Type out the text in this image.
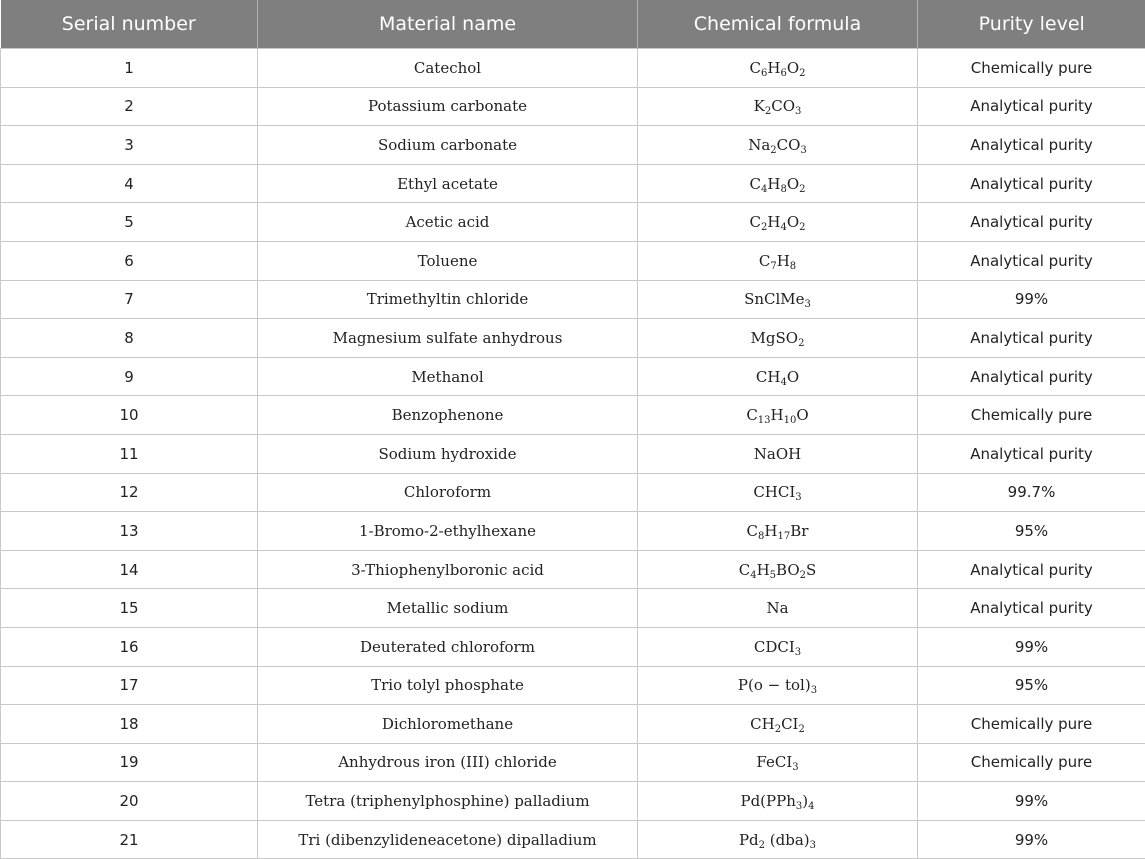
Serial number	Material name	Chemical formula	Purity level
1	Catechol	$C_6H_6O_2$	Chemically pure
2	Potassium carbonate	$K_2CO_3$	Analytical purity
3	Sodium carbonate	$Na_2CO_3$	Analytical purity
4	Ethyl acetate	$C_4H_8O_2$	Analytical purity
5	Acetic acid	$C_2H_4O_2$	Analytical purity
6	Toluene	$C_7H_8$	Analytical purity
7	Trimethyltin chloride	SnClMe$_3$	99%
8	Magnesium sulfate anhydrous	MgSO$_2$	Analytical purity
9	Methanol	$CH_4O$	Analytical purity
10	Benzophenone	$C_{13}H_{10}O$	Chemically pure
11	Sodium hydroxide	NaOH	Analytical purity
12	Chloroform	$CHCI_3$	99.7%
13	1-Bromo-2-ethylhexane	$C_8H_{17}Br$	95%
14	3-Thiophenylboronic acid	$C_4H_5BO_2S$	Analytical purity
15	Metallic sodium	Na	Analytical purity
16	Deuterated chloroform	$CDCI_3$	99%
17	Trio tolyl phosphate	$P(o - tol)_3$	95%
18	Dichloromethane	$CH_2CI_2$	Chemically pure
19	Anhydrous iron (III) chloride	FeCI$_3$	Chemically pure
20	Tetra (triphenylphosphine) palladium	$Pd(PPh_3)_4$	99%
21	Tri (dibenzylideneacetone) dipalladium	$Pd_2$ $(dba)_3$	99%
